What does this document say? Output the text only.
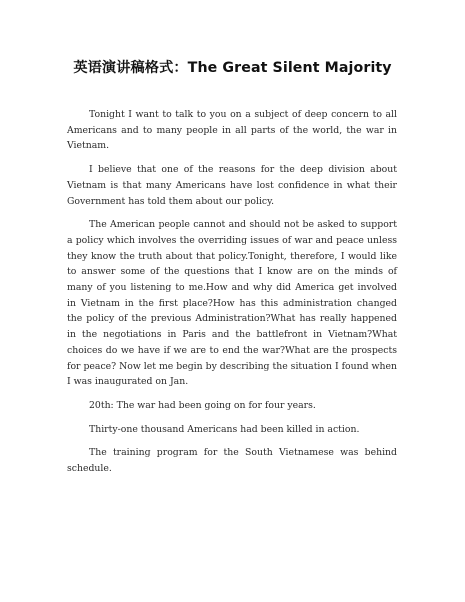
英语演讲稿格式：The Great Silent Majority

Tonight I want to talk to you on a subject of deep concern to all Americans and to many people in all parts of the world, the war in Vietnam.

I believe that one of the reasons for the deep division about Vietnam is that many Americans have lost confidence in what their Government has told them about our policy.

The American people cannot and should not be asked to support a policy which involves the overriding issues of war and peace unless they know the truth about that policy.Tonight, therefore, I would like to answer some of the questions that I know are on the minds of many of you listening to me.How and why did America get involved in Vietnam in the first place?How has this administration changed the policy of the previous Administration?What has really happened in the negotiations in Paris and the battlefront in Vietnam?What choices do we have if we are to end the war?What are the prospects for peace? Now let me begin by describing the situation I found when I was inaugurated on Jan.

20th: The war had been going on for four years.

Thirty-one thousand Americans had been killed in action.

The training program for the South Vietnamese was behind schedule.
